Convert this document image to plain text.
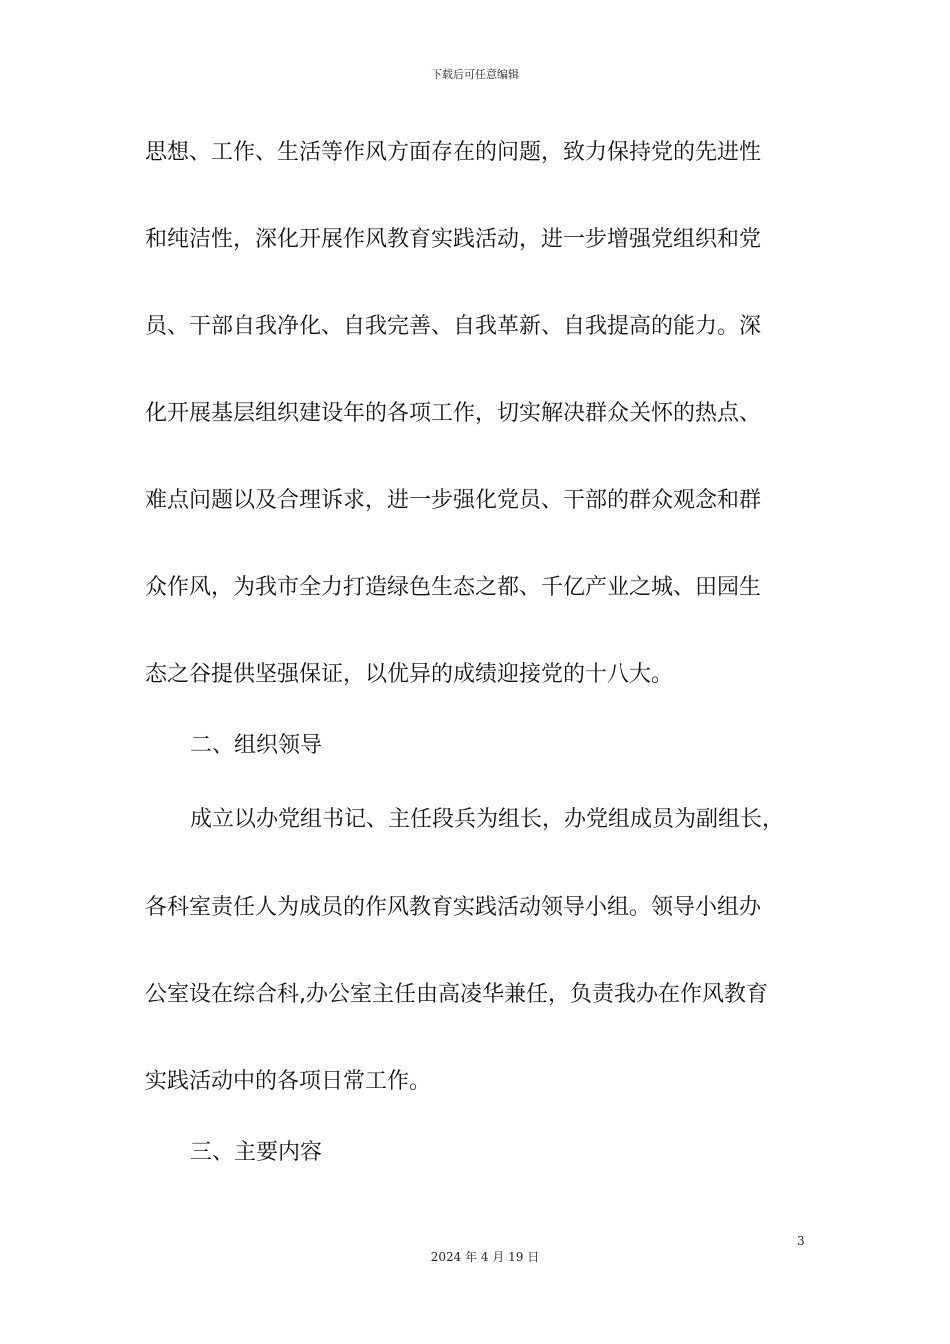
下载后可任意编辑
思想、工作、生活等作风方面存在的问题，致力保持党的先进性
和纯洁性，深化开展作风教育实践活动，进一步增强党组织和党
员、干部自我净化、自我完善、自我革新、自我提高的能力。深
化开展基层组织建设年的各项工作，切实解决群众关怀的热点、
难点问题以及合理诉求，进一步强化党员、干部的群众观念和群
众作风，为我市全力打造绿色生态之都、千亿产业之城、田园生
态之谷提供坚强保证，以优异的成绩迎接党的十八大。
二、组织领导
成立以办党组书记、主任段兵为组长，办党组成员为副组长，
各科室责任人为成员的作风教育实践活动领导小组。领导小组办
公室设在综合科,办公室主任由高凌华兼任，负责我办在作风教育
实践活动中的各项日常工作。
三、主要内容
3
2024 年 4 月 19 日
